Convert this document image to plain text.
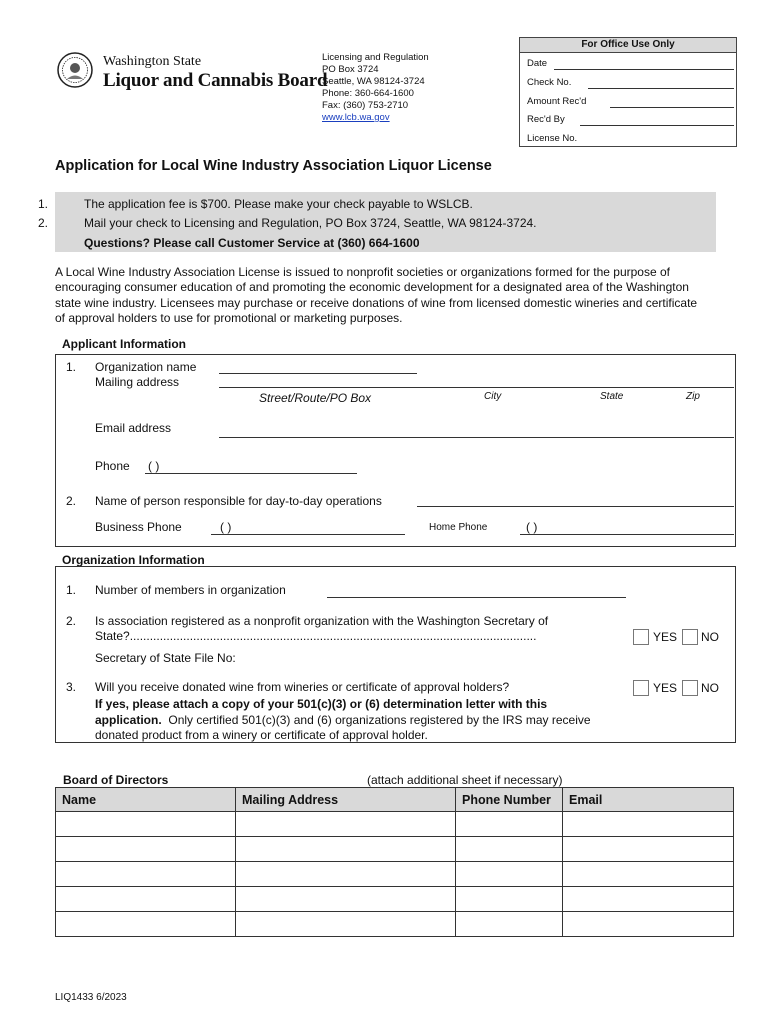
Washington State
Liquor and Cannabis Board
Licensing and Regulation
PO Box 3724
Seattle, WA 98124-3724
Phone: 360-664-1600
Fax: (360) 753-2710
www.lcb.wa.gov
For Office Use Only
Date
Check No.
Amount Rec'd
Rec'd By
License No.
Application for Local Wine Industry Association Liquor License
1.	The application fee is $700. Please make your check payable to WSLCB.
2.	Mail your check to Licensing and Regulation, PO Box 3724, Seattle, WA 98124-3724.
Questions? Please call Customer Service at (360) 664-1600
A Local Wine Industry Association License is issued to nonprofit societies or organizations formed for the purpose of encouraging consumer education of and promoting the economic development for a designated area of the Washington state wine industry. Licensees may purchase or receive donations of wine from licensed domestic wineries and certificate of approval holders to use for promotional or marketing purposes.
Applicant Information
1. Organization name
Mailing address
Street/Route/PO Box	City	State	Zip
Email address
Phone ( )
2. Name of person responsible for day-to-day operations
Business Phone	( )	Home Phone	( )
Organization Information
1. Number of members in organization
2. Is association registered as a nonprofit organization with the Washington Secretary of
State?..........................................................................................................................	YES NO
Secretary of State File No:
3. Will you receive donated wine from wineries or certificate of approval holders?	YES NO
If yes, please attach a copy of your 501(c)(3) or (6) determination letter with this
application. Only certified 501(c)(3) and (6) organizations registered by the IRS may receive
donated product from a winery or certificate of approval holder.
Board of Directors	(attach additional sheet if necessary)
Name	Mailing Address	Phone Number	Email

LIQ1433 6/2023
